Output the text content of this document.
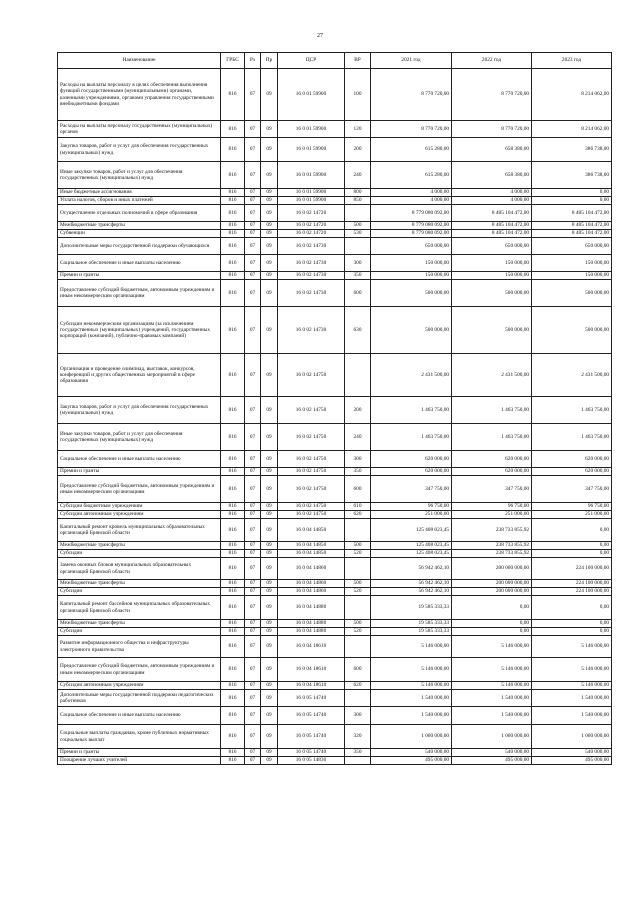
27
Наименование	ГРБС	Рз	Пр	ЦСР	ВР	2021 год	2022 год	2023 год
Расходы на выплаты персоналу в целях обеспечения выполнения функций государственными (муниципальными) органами, казенными учреждениями, органами управления государственными внебюджетными фондами	816	07	09	16 0 01 59900	100	8 770 720,00	8 770 720,00	8 214 062,00
Расходы на выплаты персоналу государственных (муниципальных) органов	816	07	09	16 0 01 59900	120	8 770 720,00	8 770 720,00	8 214 062,00
Закупка товаров, работ и услуг для обеспечения государственных (муниципальных) нужд	816	07	09	16 0 01 59900	200	615 280,00	658 380,00	386 738,00
Иные закупки товаров, работ и услуг для обеспечения государственных (муниципальных) нужд	816	07	09	16 0 01 59900	240	615 280,00	658 380,00	386 738,00
Иные бюджетные ассигнования	816	07	09	16 0 01 59900	800	4 000,00	4 000,00	0,00
Уплата налогов, сборов и иных платежей	816	07	09	16 0 01 59900	850	4 000,00	4 000,00	0,00
Осуществление отдельных полномочий в сфере образования	816	07	09	16 0 02 14720		8 779 080 092,00	8 485 104 472,00	8 485 104 472,00
Межбюджетные трансферты	816	07	09	16 0 02 14720	500	8 779 080 092,00	8 485 104 472,00	8 485 104 472,00
Субвенции	816	07	09	16 0 02 14720	530	8 779 080 092,00	8 485 104 472,00	8 485 104 472,00
Дополнительные меры государственной поддержки обучающихся	816	07	09	16 0 02 14730		650 000,00	650 000,00	650 000,00
Социальное обеспечение и иные выплаты населению	816	07	09	16 0 02 14730	300	150 000,00	150 000,00	150 000,00
Премии и гранты	816	07	09	16 0 02 14730	350	150 000,00	150 000,00	150 000,00
Предоставление субсидий бюджетным, автономным учреждениям и иным некоммерческим организациям	816	07	09	16 0 02 14730	600	500 000,00	500 000,00	500 000,00
Субсидии некоммерческим организациям (за исключением государственных (муниципальных) учреждений, государственных корпораций (компаний), публично-правовых компаний)	816	07	09	16 0 02 14730	630	500 000,00	500 000,00	500 000,00
Организация и проведение олимпиад, выставок, конкурсов, конференций и других общественных мероприятий в сфере образования	816	07	09	16 0 02 14750		2 431 500,00	2 431 500,00	2 431 500,00
Закупка товаров, работ и услуг для обеспечения государственных (муниципальных) нужд	816	07	09	16 0 02 14750	200	1 463 750,00	1 463 750,00	1 463 750,00
Иные закупки товаров, работ и услуг для обеспечения государственных (муниципальных) нужд	816	07	09	16 0 02 14750	240	1 463 750,00	1 463 750,00	1 463 750,00
Социальное обеспечение и иные выплаты населению	816	07	09	16 0 02 14750	300	620 000,00	620 000,00	620 000,00
Премии и гранты	816	07	09	16 0 02 14750	350	620 000,00	620 000,00	620 000,00
Предоставление субсидий бюджетным, автономным учреждениям и иным некоммерческим организациям	816	07	09	16 0 02 14750	600	347 750,00	347 750,00	347 750,00
Субсидии бюджетным учреждениям	816	07	09	16 0 02 14750	610	96 750,00	96 750,00	96 750,00
Субсидии автономным учреждениям	816	07	09	16 0 02 14750	620	251 000,00	251 000,00	251 000,00
Капитальный ремонт кровель муниципальных образовательных организаций Брянской области	816	07	09	16 0 04 14850		125 408 023,45	238 733 855,92	0,00
Межбюджетные трансферты	816	07	09	16 0 04 14850	500	125 408 023,45	238 733 855,92	0,00
Субсидии	816	07	09	16 0 04 14850	520	125 408 023,45	238 733 855,92	0,00
Замена оконных блоков муниципальных образовательных организаций Брянской области	816	07	09	16 0 04 14860		56 942 462,10	200 000 000,00	224 100 000,00
Межбюджетные трансферты	816	07	09	16 0 04 14860	500	56 942 462,10	200 000 000,00	224 100 000,00
Субсидии	816	07	09	16 0 04 14860	520	56 942 462,10	200 000 000,00	224 100 000,00
Капитальный ремонт бассейнов муниципальных образовательных организаций Брянской области	816	07	09	16 0 04 14880		19 585 333,33	0,00	0,00
Межбюджетные трансферты	816	07	09	16 0 04 14880	500	19 585 333,33	0,00	0,00
Субсидии	816	07	09	16 0 04 14880	520	19 585 333,33	0,00	0,00
Развитие информационного общества и инфраструктуры электронного правительства	816	07	09	16 0 04 18610		5 146 000,00	5 146 000,00	5 146 000,00
Предоставление субсидий бюджетным, автономным учреждениям и иным некоммерческим организациям	816	07	09	16 0 04 18610	600	5 146 000,00	5 146 000,00	5 146 000,00
Субсидии автономным учреждениям	816	07	09	16 0 04 18610	620	5 146 000,00	5 146 000,00	5 146 000,00
Дополнительные меры государственной поддержки педагогических работников	816	07	09	16 0 05 14740		1 540 000,00	1 540 000,00	1 540 000,00
Социальное обеспечение и иные выплаты населению	816	07	09	16 0 05 14740	300	1 540 000,00	1 540 000,00	1 540 000,00
Социальные выплаты гражданам, кроме публичных нормативных социальных выплат	816	07	09	16 0 05 14740	320	1 000 000,00	1 000 000,00	1 000 000,00
Премии и гранты	816	07	09	16 0 05 14740	350	540 000,00	540 000,00	540 000,00
Поощрение лучших учителей	816	07	09	16 0 05 14830		495 000,00	495 000,00	495 000,00
